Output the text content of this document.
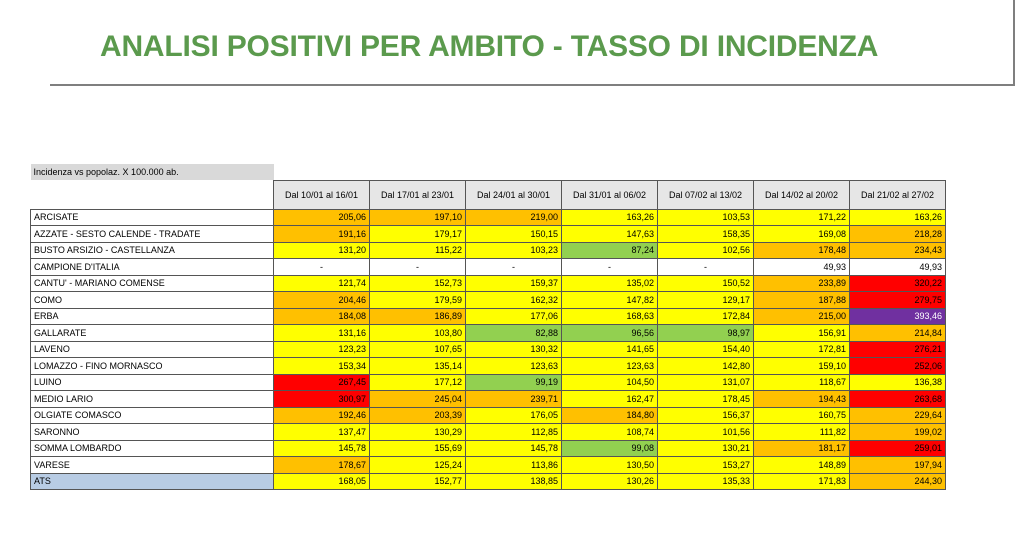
ANALISI POSITIVI PER AMBITO - TASSO DI INCIDENZA
Incidenza vs popolaz. X 100.000 ab.							
	Dal 10/01 al 16/01	Dal 17/01 al 23/01	Dal 24/01 al 30/01	Dal 31/01 al 06/02	Dal 07/02 al 13/02	Dal 14/02 al 20/02	Dal 21/02 al 27/02
ARCISATE	205,06	197,10	219,00	163,26	103,53	171,22	163,26
AZZATE - SESTO CALENDE - TRADATE	191,16	179,17	150,15	147,63	158,35	169,08	218,28
BUSTO ARSIZIO - CASTELLANZA	131,20	115,22	103,23	87,24	102,56	178,48	234,43
CAMPIONE D'ITALIA	-	-	-	-	-	49,93	49,93
CANTU' - MARIANO COMENSE	121,74	152,73	159,37	135,02	150,52	233,89	320,22
COMO	204,46	179,59	162,32	147,82	129,17	187,88	279,75
ERBA	184,08	186,89	177,06	168,63	172,84	215,00	393,46
GALLARATE	131,16	103,80	82,88	96,56	98,97	156,91	214,84
LAVENO	123,23	107,65	130,32	141,65	154,40	172,81	276,21
LOMAZZO - FINO MORNASCO	153,34	135,14	123,63	123,63	142,80	159,10	252,06
LUINO	267,45	177,12	99,19	104,50	131,07	118,67	136,38
MEDIO LARIO	300,97	245,04	239,71	162,47	178,45	194,43	263,68
OLGIATE COMASCO	192,46	203,39	176,05	184,80	156,37	160,75	229,64
SARONNO	137,47	130,29	112,85	108,74	101,56	111,82	199,02
SOMMA LOMBARDO	145,78	155,69	145,78	99,08	130,21	181,17	259,01
VARESE	178,67	125,24	113,86	130,50	153,27	148,89	197,94
ATS	168,05	152,77	138,85	130,26	135,33	171,83	244,30
